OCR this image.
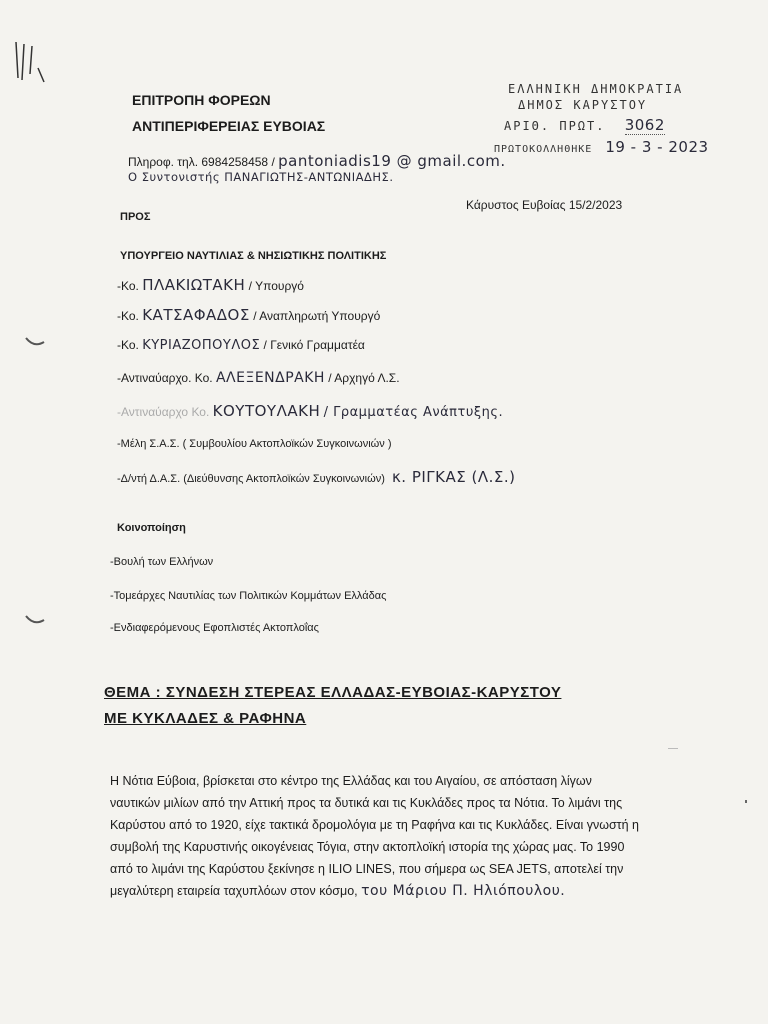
ΕΠΙΤΡΟΠΗ ΦΟΡΕΩΝ
ΑΝΤΙΠΕΡΙΦΕΡΕΙΑΣ ΕΥΒΟΙΑΣ
Πληροφ. τηλ. 6984258458 / pantoniadis19 @ gmail.com.
Ο Συντονιστής ΠΑΝΑΓΙΩΤΗΣ-ΑΝΤΩΝΙΑΔΗΣ.
Κάρυστος Ευβοίας 15/2/2023
ΕΛΛΗΝΙΚΗ ΔΗΜΟΚΡΑΤΙΑ
ΔΗΜΟΣ ΚΑΡΥΣΤΟΥ
ΑΡΙΘ. ΠΡΩΤ. 3062
ΠΡΩΤΟΚΟΛΛΗΘΗΚΕ 19 - 3 - 2023
ΠΡΟΣ
ΥΠΟΥΡΓΕΙΟ ΝΑΥΤΙΛΙΑΣ & ΝΗΣΙΩΤΙΚΗΣ ΠΟΛΙΤΙΚΗΣ
-Κο. ΠΛΑΚΙΩΤΑΚΗ / Υπουργό
-Κο. ΚΑΤΣΑΦΑΔΟΣ / Αναπληρωτή Υπουργό
-Κο. ΚΥΡΙΑΖΟΠΟΥΛΟΣ / Γενικό Γραμματέα
-Αντιναύαρχο. Κο. ΑΛΕΞΕΝΔΡΑΚΗ / Αρχηγό Λ.Σ.
-Αντιναύαρχο Κο. ΚΟΥΤΟΥΛΑΚΗ / Γραμματέας Ανάπτυξης.
-Μέλη Σ.Α.Σ. ( Συμβουλίου Ακτοπλοϊκών Συγκοινωνιών )
-Δ/ντή Δ.Α.Σ. (Διεύθυνσης Ακτοπλοϊκών Συγκοινωνιών) κ. ΡΙΓΚΑΣ (Λ.Σ.)
Κοινοποίηση
-Βουλή των Ελλήνων
-Τομεάρχες Ναυτιλίας των Πολιτικών Κομμάτων Ελλάδας
-Ενδιαφερόμενους Εφοπλιστές Ακτοπλοΐας
ΘΕΜΑ : ΣΥΝΔΕΣΗ ΣΤΕΡΕΑΣ ΕΛΛΑΔΑΣ-ΕΥΒΟΙΑΣ-ΚΑΡΥΣΤΟΥ
ΜΕ ΚΥΚΛΑΔΕΣ & ΡΑΦΗΝΑ
Η Νότια Εύβοια, βρίσκεται στο κέντρο της Ελλάδας και του Αιγαίου, σε απόσταση λίγων ναυτικών μιλίων από την Αττική προς τα δυτικά και τις Κυκλάδες προς τα Νότια. Το λιμάνι της Καρύστου από το 1920, είχε τακτικά δρομολόγια με τη Ραφήνα και τις Κυκλάδες. Είναι γνωστή η συμβολή της Καρυστινής οικογένειας Τόγια, στην ακτοπλοϊκή ιστορία της χώρας μας. Το 1990 από το λιμάνι της Καρύστου ξεκίνησε η ILIO LINES, που σήμερα ως SEA JETS, αποτελεί την μεγαλύτερη εταιρεία ταχυπλόων στον κόσμο, του Μάριου Π. Ηλιόπουλου.
